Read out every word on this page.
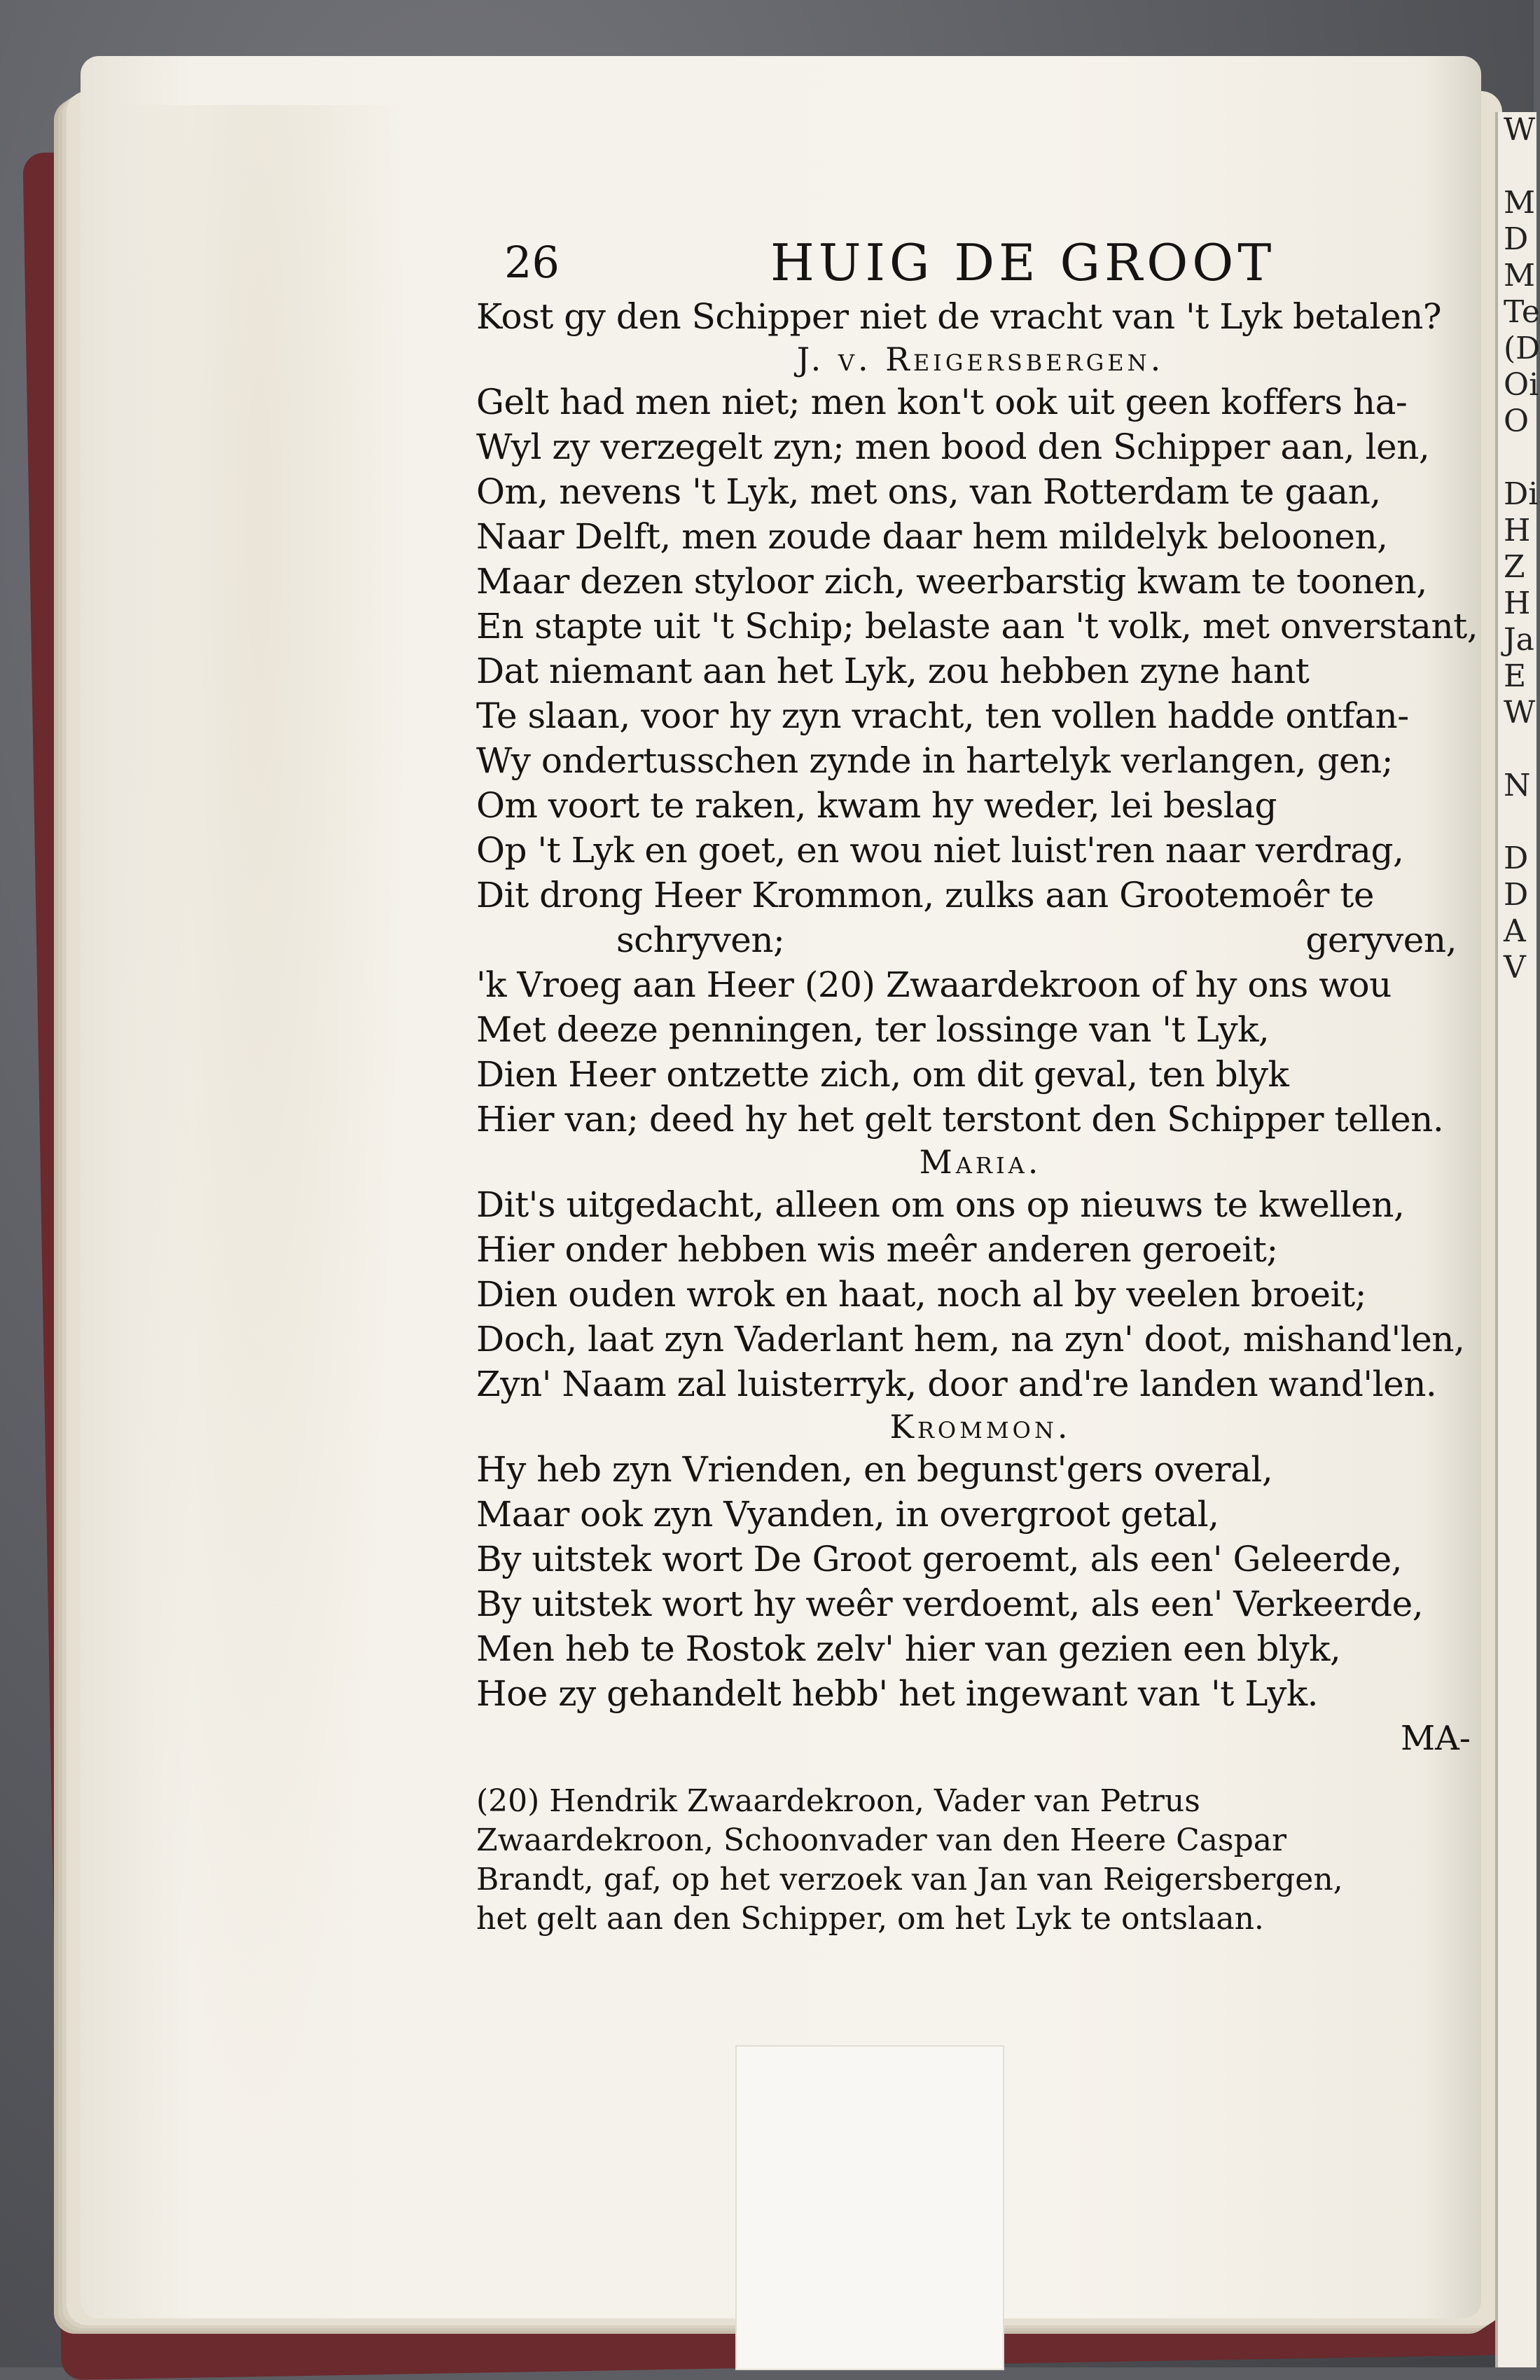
W
M
D
M
Te
(D
Oi
O
Di
H
Z
H
Ja
E
W
N
D
D
A
V
26	HUIG DE GROOT
Kost gy den Schipper niet de vracht van 't Lyk betalen?
J. v. Reigersbergen.
Gelt had men niet; men kon't ook uit geen koffers ha-
Wyl zy verzegelt zyn; men bood den Schipper aan, len,
Om, nevens 't Lyk, met ons, van Rotterdam te gaan,
Naar Delft, men zoude daar hem mildelyk beloonen,
Maar dezen styloor zich, weerbarstig kwam te toonen,
En stapte uit 't Schip; belaste aan 't volk, met onverstant,
Dat niemant aan het Lyk, zou hebben zyne hant
Te slaan, voor hy zyn vracht, ten vollen hadde ontfan-
Wy ondertusschen zynde in hartelyk verlangen, gen;
Om voort te raken, kwam hy weder, lei beslag
Op 't Lyk en goet, en wou niet luist'ren naar verdrag,
Dit drong Heer Krommon, zulks aan Grootemoêr te
schryven;	geryven,
'k Vroeg aan Heer (20) Zwaardekroon of hy ons wou
Met deeze penningen, ter lossinge van 't Lyk,
Dien Heer ontzette zich, om dit geval, ten blyk
Hier van; deed hy het gelt terstont den Schipper tellen.
Maria.
Dit's uitgedacht, alleen om ons op nieuws te kwellen,
Hier onder hebben wis meêr anderen geroeit;
Dien ouden wrok en haat, noch al by veelen broeit;
Doch, laat zyn Vaderlant hem, na zyn' doot, mishand'len,
Zyn' Naam zal luisterryk, door and're landen wand'len.
Krommon.
Hy heb zyn Vrienden, en begunst'gers overal,
Maar ook zyn Vyanden, in overgroot getal,
By uitstek wort De Groot geroemt, als een' Geleerde,
By uitstek wort hy weêr verdoemt, als een' Verkeerde,
Men heb te Rostok zelv' hier van gezien een blyk,
Hoe zy gehandelt hebb' het ingewant van 't Lyk.
MA-
(20) Hendrik Zwaardekroon, Vader van Petrus
Zwaardekroon, Schoonvader van den Heere Caspar
Brandt, gaf, op het verzoek van Jan van Reigersbergen,
het gelt aan den Schipper, om het Lyk te ontslaan.
